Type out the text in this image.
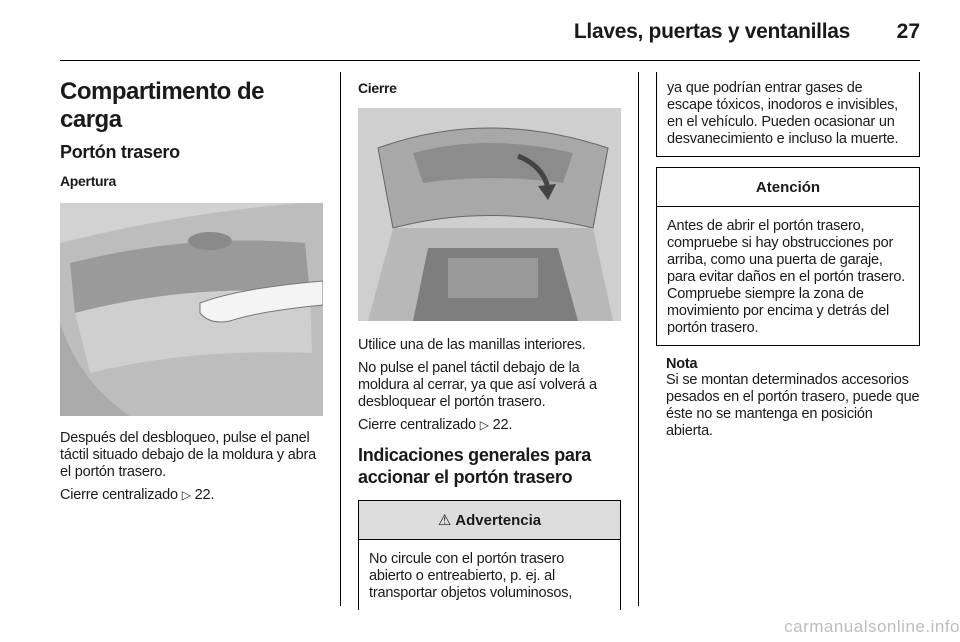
Llaves, puertas y ventanillas	27
Compartimento de carga
Portón trasero
Apertura

Después del desbloqueo, pulse el panel táctil situado debajo de la moldura y abra el portón trasero.

Cierre centralizado ▷ 22.

Cierre

Utilice una de las manillas interiores.

No pulse el panel táctil debajo de la moldura al cerrar, ya que así volverá a desbloquear el portón trasero.

Cierre centralizado ▷ 22.

Indicaciones generales para accionar el portón trasero
⚠ Advertencia

No circule con el portón trasero abierto o entreabierto, p. ej. al transportar objetos voluminosos,

ya que podrían entrar gases de escape tóxicos, inodoros e invisibles, en el vehículo. Pueden ocasionar un desvanecimiento e incluso la muerte.

Atención

Antes de abrir el portón trasero, compruebe si hay obstrucciones por arriba, como una puerta de garaje, para evitar daños en el portón trasero. Compruebe siempre la zona de movimiento por encima y detrás del portón trasero.

Nota

Si se montan determinados accesorios pesados en el portón trasero, puede que éste no se mantenga en posición abierta.

carmanualsonline.info
